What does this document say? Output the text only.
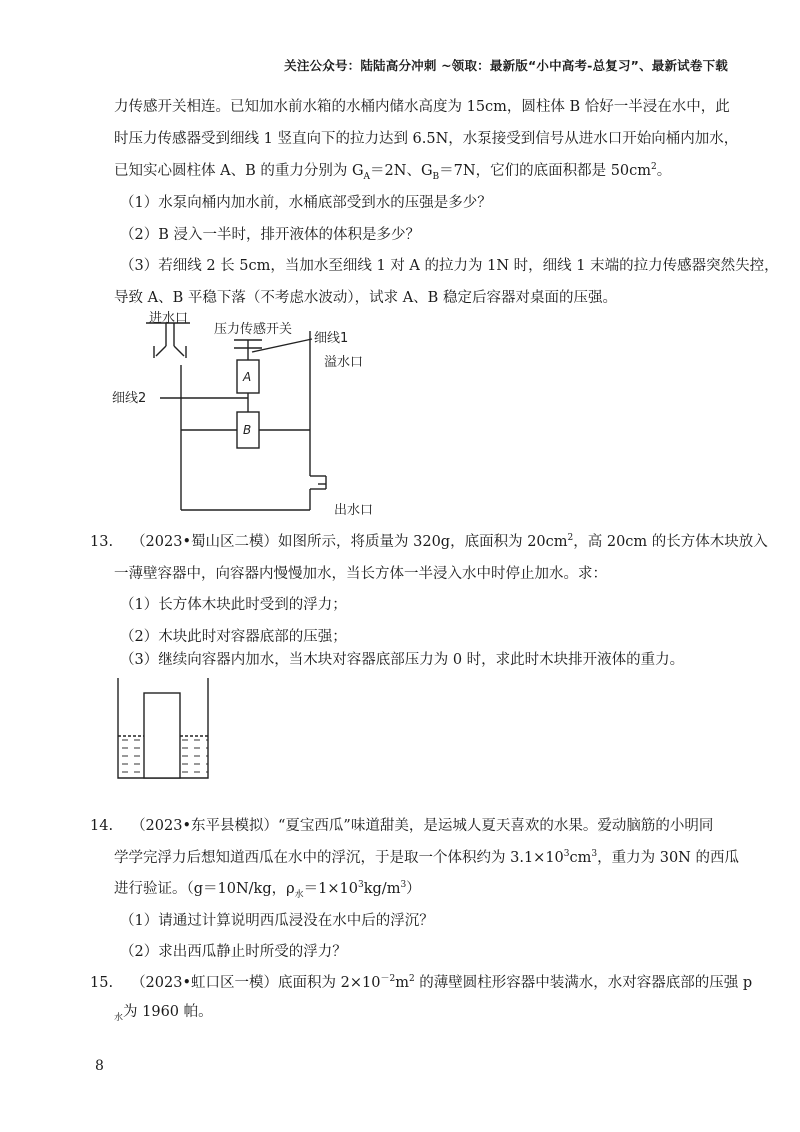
关注公众号：陆陆高分冲刺 ~领取：最新版“小中高考-总复习”、最新试卷下载
力传感开关相连。已知加水前水箱的水桶内储水高度为 15cm，圆柱体 B 恰好一半浸在水中，此
时压力传感器受到细线 1 竖直向下的拉力达到 6.5N，水泵接受到信号从进水口开始向桶内加水，
已知实心圆柱体 A、B 的重力分别为 $G_A=2N$、$G_B=7N$，它们的底面积都是 $50cm^2$。
（1）水泵向桶内加水前，水桶底部受到水的压强是多少？
（2）B 浸入一半时，排开液体的体积是多少？
（3）若细线 2 长 5cm，当加水至细线 1 对 A 的拉力为 1N 时，细线 1 末端的拉力传感器突然失控，
导致 A、B 平稳下落（不考虑水波动），试求 A、B 稳定后容器对桌面的压强。
进水口
压力传感开关
细线1
溢水口
细线2
A
B
出水口
13. （2023•蜀山区二模）如图所示，将质量为 320g，底面积为 $20cm^2$，高 20cm 的长方体木块放入
一薄壁容器中，向容器内慢慢加水，当长方体一半浸入水中时停止加水。求：
（1）长方体木块此时受到的浮力；
（2）木块此时对容器底部的压强；
（3）继续向容器内加水，当木块对容器底部压力为 0 时，求此时木块排开液体的重力。
14. （2023•东平县模拟）“夏宝西瓜”味道甜美，是运城人夏天喜欢的水果。爱动脑筋的小明同
学学完浮力后想知道西瓜在水中的浮沉，于是取一个体积约为 $3.1\times 10^3cm^3$，重力为 30N 的西瓜
进行验证。（g＝10N/kg，$\rho_水=1\times 10^3kg/m^3$）
（1）请通过计算说明西瓜浸没在水中后的浮沉？
（2）求出西瓜静止时所受的浮力？
15. （2023•虹口区一模）底面积为 $2\times 10^{-2}m^2$ 的薄壁圆柱形容器中装满水，水对容器底部的压强 p
$_水$为 1960 帕。
8
